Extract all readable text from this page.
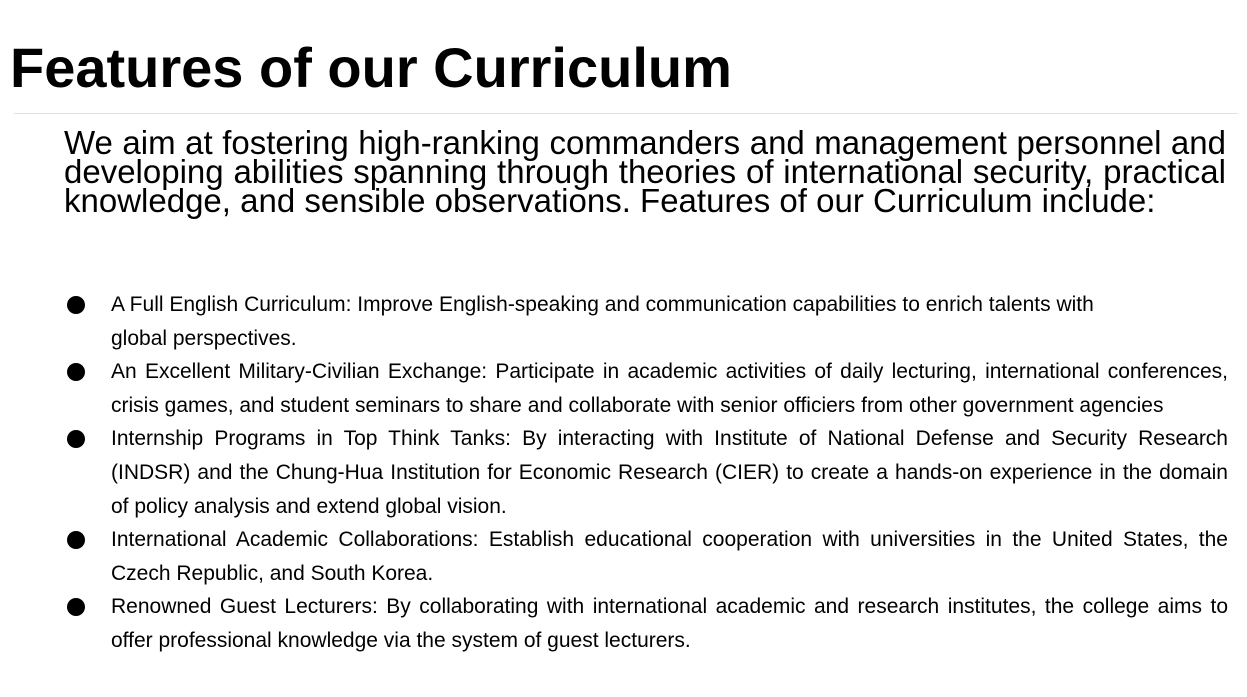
Features of our Curriculum

We aim at fostering high-ranking commanders and management personnel and developing abilities spanning through theories of international security, practical knowledge, and sensible observations. Features of our Curriculum include:

A Full English Curriculum: Improve English-speaking and communication capabilities to enrich talents with global perspectives.
An Excellent Military-Civilian Exchange: Participate in academic activities of daily lecturing, international conferences, crisis games, and student seminars to share and collaborate with senior officiers from other government agencies
Internship Programs in Top Think Tanks: By interacting with Institute of National Defense and Security Research (INDSR) and the Chung-Hua Institution for Economic Research (CIER) to create a hands-on experience in the domain of policy analysis and extend global vision.
International Academic Collaborations: Establish educational cooperation with universities in the United States, the Czech Republic, and South Korea.
Renowned Guest Lecturers: By collaborating with international academic and research institutes, the college aims to offer professional knowledge via the system of guest lecturers.
